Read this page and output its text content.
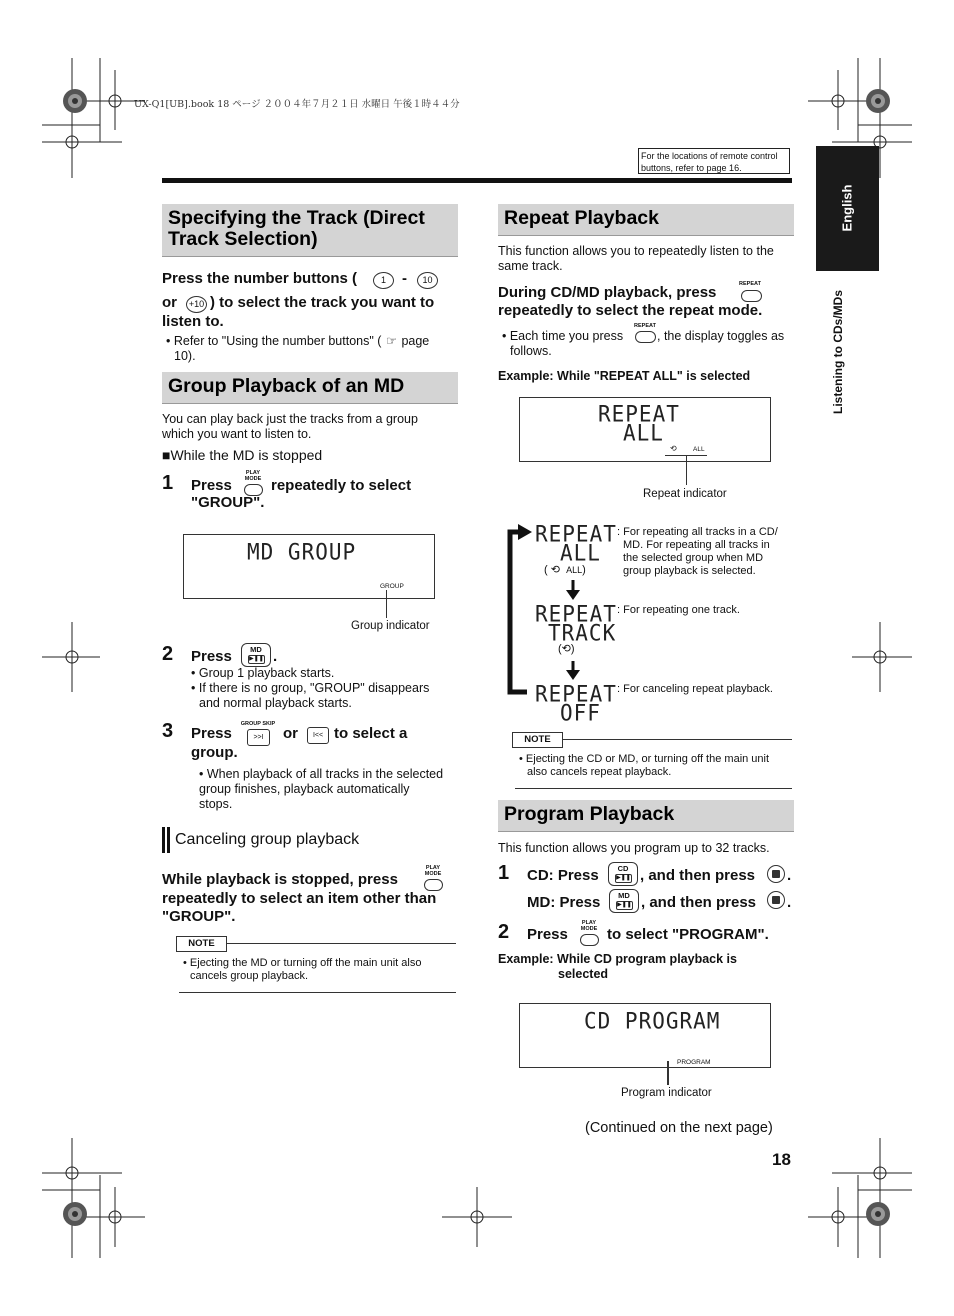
UX-Q1[UB].book 18 ページ ２００４年７月２１日 水曜日 午後１時４４分
For the locations of remote control
buttons, refer to page 16.
English
Listening to CDs/MDs
Specifying the Track (Direct
Track Selection)
Press the number buttons (	1	-	10
or	+10 ) to select the track you want to
listen to.
• Refer to "Using the number buttons" ( ☞ page
10).
Group Playback of an MD
You can play back just the tracks from a group
which you want to listen to.
■While the MD is stopped
1 Press
PLAY MODE repeatedly to select
"GROUP".
MD GROUP
GROUP
Group indicator
2 Press	MD
▶❚❚ .
• Group 1 playback starts.
• If there is no group, "GROUP" disappears
and normal playback starts.
3 Press
GROUP SKIP
>>I	or	I<< to select a
group.
• When playback of all tracks in the selected
group finishes, playback automatically
stops.
Canceling group playback
While playback is stopped, press
PLAY MODE
repeatedly to select an item other than
"GROUP".
NOTE
• Ejecting the MD or turning off the main unit also
cancels group playback.
Repeat Playback
This function allows you to repeatedly listen to the
same track.
During CD/MD playback, press	REPEAT
repeatedly to select the repeat mode.
• Each time you press
REPEAT
, the display toggles as
follows.
Example: While "REPEAT ALL" is selected
REPEAT
ALL
⟲	ALL
Repeat indicator
REPEAT
ALL
( ⟲ ALL)
: For repeating all tracks in a CD/
MD. For repeating all tracks in
the selected group when MD
group playback is selected.
REPEAT
TRACK
(⟲)
: For repeating one track.
REPEAT
OFF
: For canceling repeat playback.
NOTE
• Ejecting the CD or MD, or turning off the main unit
also cancels repeat playback.
Program Playback
This function allows you program up to 32 tracks.
1 CD: Press	CD
▶❚❚ , and then press .
MD: Press	MD
▶❚❚ , and then press .
2 Press
PLAY MODE to select "PROGRAM".
Example: While CD program playback is
selected
CD PROGRAM
PROGRAM
Program indicator
(Continued on the next page)
18
